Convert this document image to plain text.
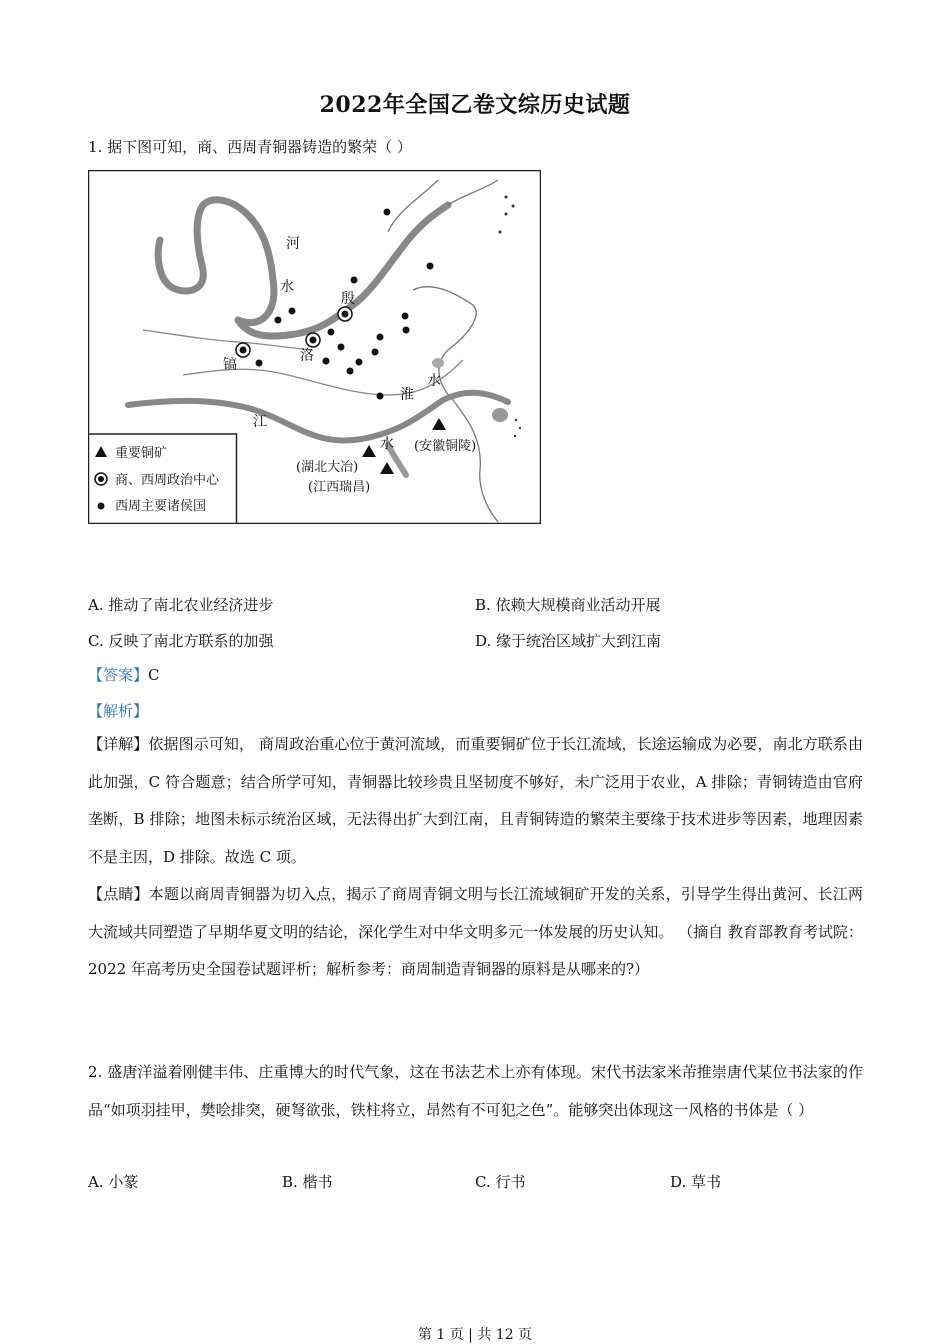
2022年全国乙卷文综历史试题
1. 据下图可知，商、西周青铜器铸造的繁荣（ ）
河
水
殷
镐
洛
淮
水
江
水 (安徽铜陵)
(湖北大冶)
(江西瑞昌)
重要铜矿
商、西周政治中心
西周主要诸侯国
A. 推动了南北农业经济进步	B. 依赖大规模商业活动开展
C. 反映了南北方联系的加强	D. 缘于统治区域扩大到江南
【答案】C
【解析】
【详解】依据图示可知， 商周政治重心位于黄河流域，而重要铜矿位于长江流域，长途运输成为必要，南北方联系由此加强，C 符合题意；结合所学可知，青铜器比较珍贵且坚韧度不够好，未广泛用于农业，A 排除；青铜铸造由官府垄断，B 排除；地图未标示统治区域，无法得出扩大到江南，且青铜铸造的繁荣主要缘于技术进步等因素，地理因素不是主因，D 排除。故选 C 项。
【点睛】本题以商周青铜器为切入点，揭示了商周青铜文明与长江流域铜矿开发的关系，引导学生得出黄河、长江两大流域共同塑造了早期华夏文明的结论，深化学生对中华文明多元一体发展的历史认知。 （摘自 教育部教育考试院：2022 年高考历史全国卷试题评析；解析参考：商周制造青铜器的原料是从哪来的?）
2. 盛唐洋溢着刚健丰伟、庄重博大的时代气象，这在书法艺术上亦有体现。宋代书法家米芾推崇唐代某位书法家的作品“如项羽挂甲，樊哙排突，硬弩欲张，铁柱将立，昂然有不可犯之色”。能够突出体现这一风格的书体是（ ）
A. 小篆	B. 楷书	C. 行书	D. 草书
第 1 页 | 共 12 页
